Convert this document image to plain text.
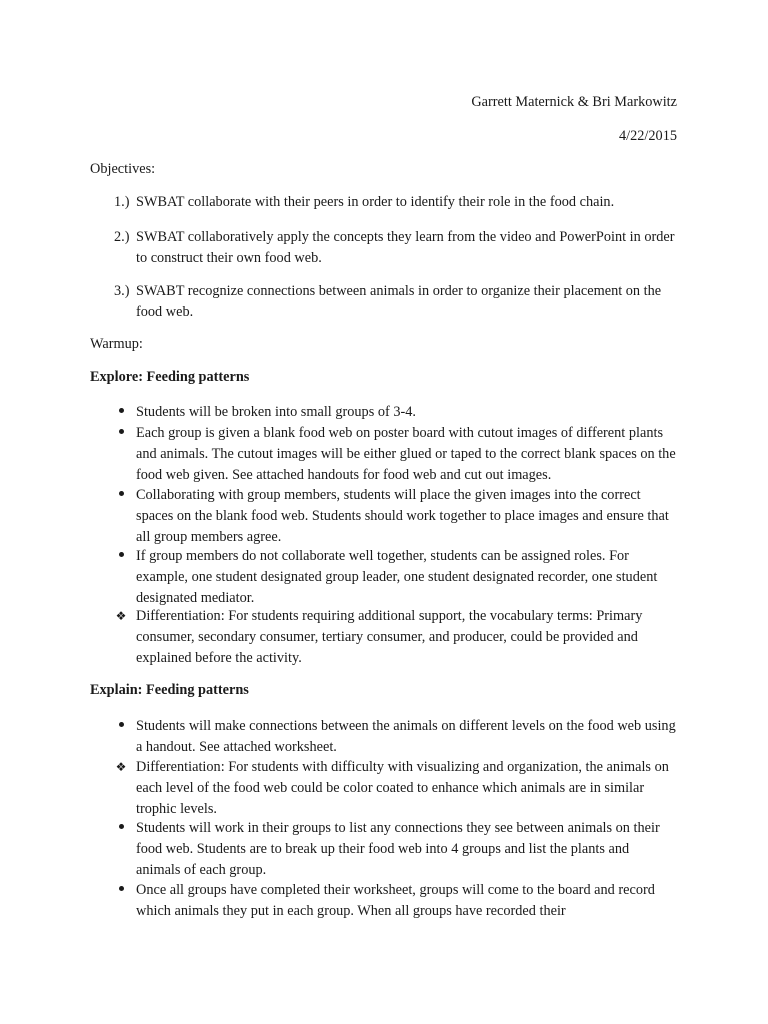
Garrett Maternick & Bri Markowitz
4/22/2015
Objectives:
1.) SWBAT collaborate with their peers in order to identify their role in the food chain.
2.) SWBAT collaboratively apply the concepts they learn from the video and PowerPoint in order to construct their own food web.
3.) SWABT recognize connections between animals in order to organize their placement on the food web.
Warmup:
Explore: Feeding patterns
Students will be broken into small groups of 3-4.
Each group is given a blank food web on poster board with cutout images of different plants and animals. The cutout images will be either glued or taped to the correct blank spaces on the food web given. See attached handouts for food web and cut out images.
Collaborating with group members, students will place the given images into the correct spaces on the blank food web. Students should work together to place images and ensure that all group members agree.
If group members do not collaborate well together, students can be assigned roles. For example, one student designated group leader, one student designated recorder, one student designated mediator.
❖ Differentiation: For students requiring additional support, the vocabulary terms: Primary consumer, secondary consumer, tertiary consumer, and producer, could be provided and explained before the activity.
Explain: Feeding patterns
Students will make connections between the animals on different levels on the food web using a handout. See attached worksheet.
❖ Differentiation: For students with difficulty with visualizing and organization, the animals on each level of the food web could be color coated to enhance which animals are in similar trophic levels.
Students will work in their groups to list any connections they see between animals on their food web. Students are to break up their food web into 4 groups and list the plants and animals of each group.
Once all groups have completed their worksheet, groups will come to the board and record which animals they put in each group. When all groups have recorded their
